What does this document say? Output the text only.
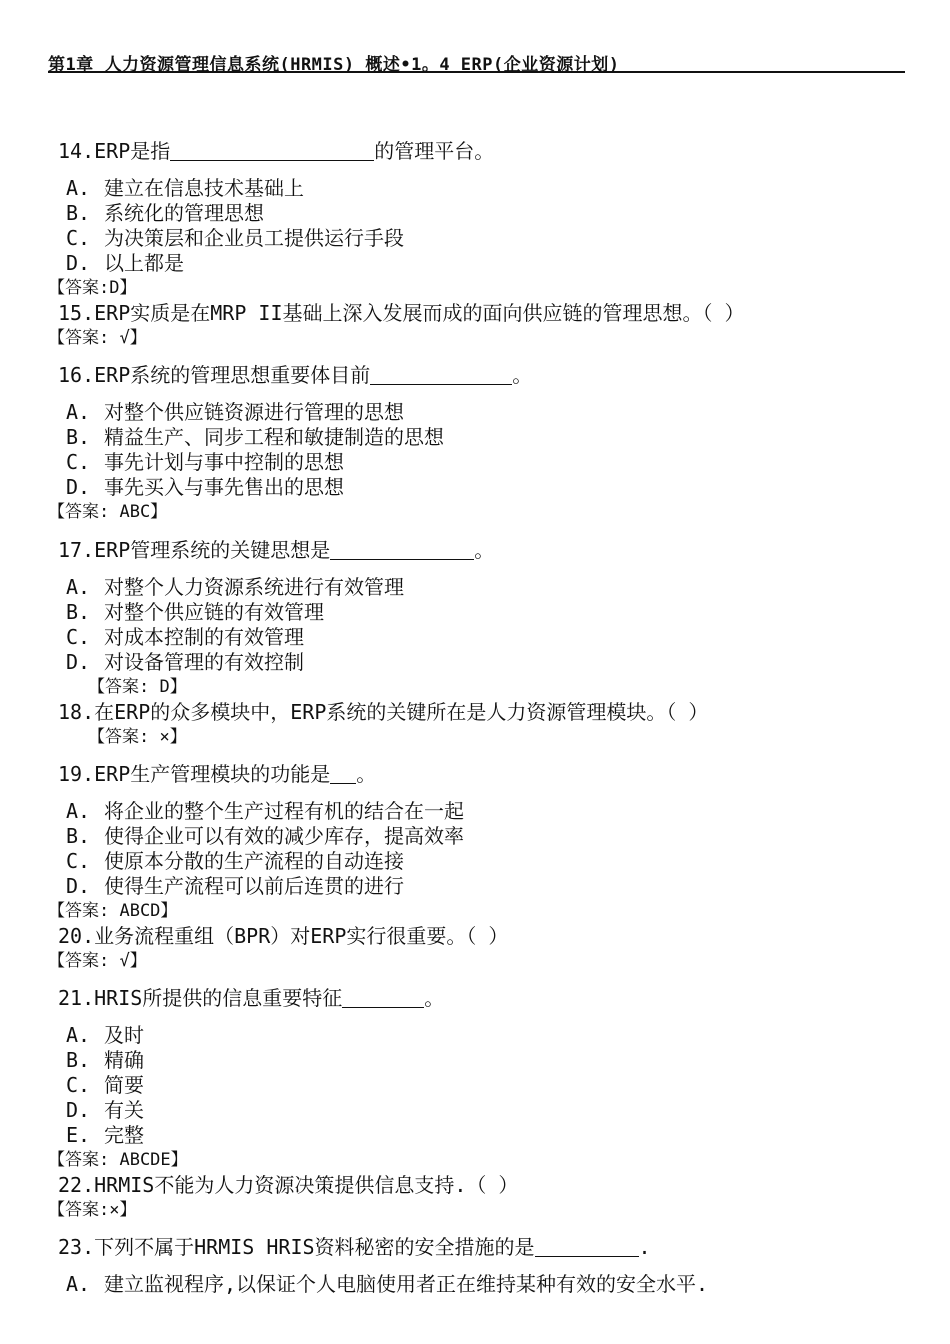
第1章 人力资源管理信息系统(HRMIS) 概述•1。4 ERP(企业资源计划)
14.ERP是指	的管理平台。
A. 建立在信息技术基础上
B. 系统化的管理思想
C. 为决策层和企业员工提供运行手段
D. 以上都是
【答案:D】
15.ERP实质是在MRP II基础上深入发展而成的面向供应链的管理思想。（ ）
【答案: √】
16.ERP系统的管理思想重要体目前	。
A. 对整个供应链资源进行管理的思想
B. 精益生产、同步工程和敏捷制造的思想
C. 事先计划与事中控制的思想
D. 事先买入与事先售出的思想
【答案: ABC】
17.ERP管理系统的关键思想是	。
A. 对整个人力资源系统进行有效管理
B. 对整个供应链的有效管理
C. 对成本控制的有效管理
D. 对设备管理的有效控制
【答案: D】
18.在ERP的众多模块中，ERP系统的关键所在是人力资源管理模块。（ ）
【答案: ×】
19.ERP生产管理模块的功能是 。
A. 将企业的整个生产过程有机的结合在一起
B. 使得企业可以有效的减少库存，提高效率
C. 使原本分散的生产流程的自动连接
D. 使得生产流程可以前后连贯的进行
【答案: ABCD】
20.业务流程重组（BPR）对ERP实行很重要。（ ）
【答案: √】
21.HRIS所提供的信息重要特征	。
A. 及时
B. 精确
C. 简要
D. 有关
E. 完整
【答案: ABCDE】
22.HRMIS不能为人力资源决策提供信息支持.（ ）
【答案:×】
23.下列不属于HRMIS HRIS资料秘密的安全措施的是	.
A. 建立监视程序,以保证个人电脑使用者正在维持某种有效的安全水平.
